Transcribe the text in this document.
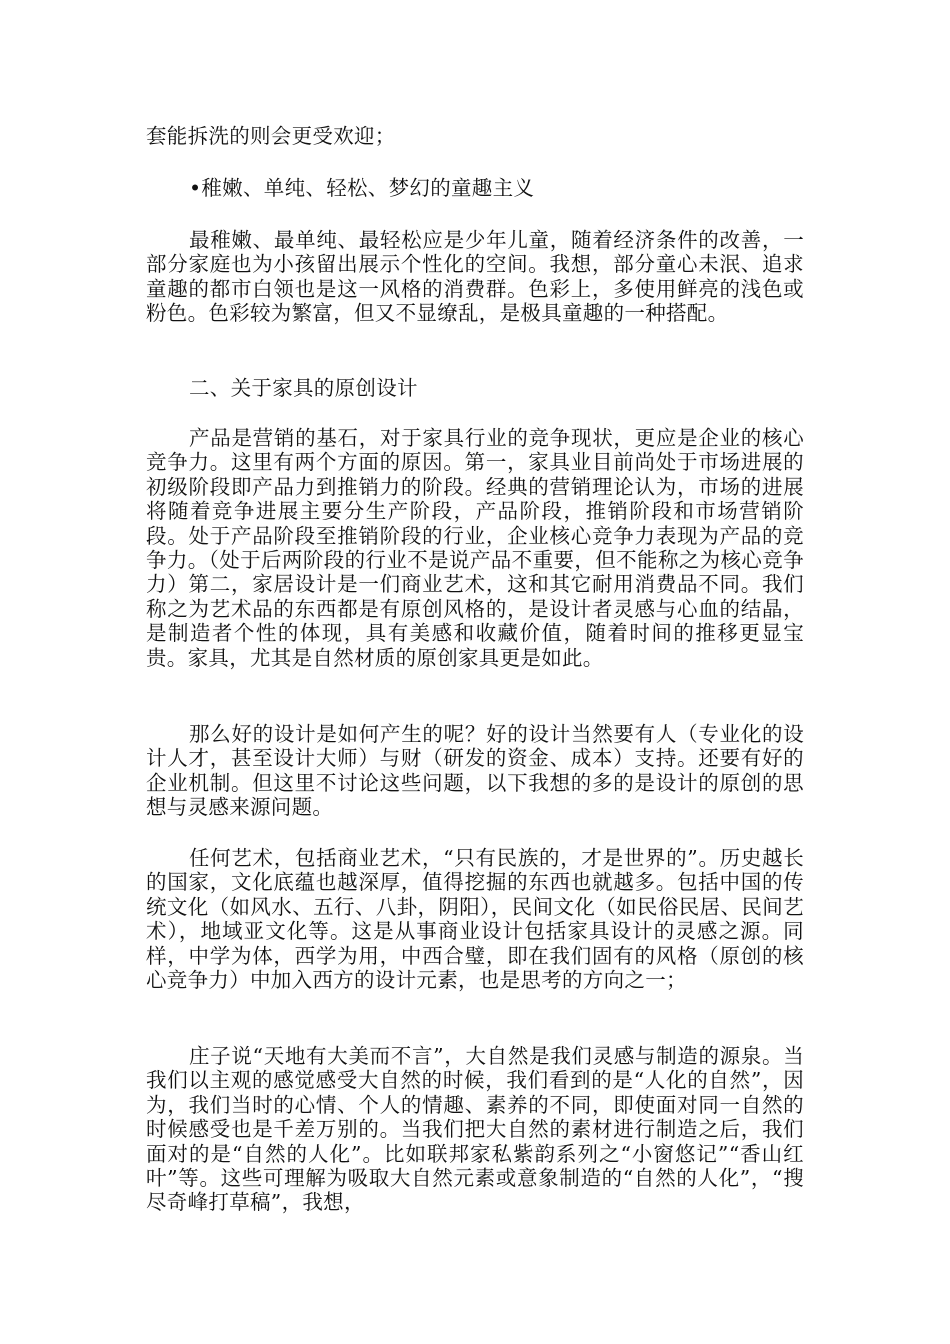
套能拆洗的则会更受欢迎；
•稚嫩、单纯、轻松、梦幻的童趣主义
最稚嫩、最单纯、最轻松应是少年儿童，随着经济条件的改善，一部分家庭也为小孩留出展示个性化的空间。我想，部分童心未泯、追求童趣的都市白领也是这一风格的消费群。色彩上，多使用鲜亮的浅色或粉色。色彩较为繁富，但又不显缭乱，是极具童趣的一种搭配。
二、关于家具的原创设计
产品是营销的基石，对于家具行业的竞争现状，更应是企业的核心竞争力。这里有两个方面的原因。第一，家具业目前尚处于市场进展的初级阶段即产品力到推销力的阶段。经典的营销理论认为，市场的进展将随着竞争进展主要分生产阶段，产品阶段，推销阶段和市场营销阶段。处于产品阶段至推销阶段的行业，企业核心竞争力表现为产品的竞争力。（处于后两阶段的行业不是说产品不重要，但不能称之为核心竞争力）第二，家居设计是一们商业艺术，这和其它耐用消费品不同。我们称之为艺术品的东西都是有原创风格的，是设计者灵感与心血的结晶，是制造者个性的体现，具有美感和收藏价值，随着时间的推移更显宝贵。家具，尤其是自然材质的原创家具更是如此。
那么好的设计是如何产生的呢？好的设计当然要有人（专业化的设计人才，甚至设计大师）与财（研发的资金、成本）支持。还要有好的企业机制。但这里不讨论这些问题，以下我想的多的是设计的原创的思想与灵感来源问题。
任何艺术，包括商业艺术，“只有民族的，才是世界的”。历史越长的国家，文化底蕴也越深厚，值得挖掘的东西也就越多。包括中国的传统文化（如风水、五行、八卦，阴阳），民间文化（如民俗民居、民间艺术），地域亚文化等。这是从事商业设计包括家具设计的灵感之源。同样，中学为体，西学为用，中西合璧，即在我们固有的风格（原创的核心竞争力）中加入西方的设计元素，也是思考的方向之一；
庄子说“天地有大美而不言”，大自然是我们灵感与制造的源泉。当我们以主观的感觉感受大自然的时候，我们看到的是“人化的自然”，因为，我们当时的心情、个人的情趣、素养的不同，即使面对同一自然的时候感受也是千差万别的。当我们把大自然的素材进行制造之后，我们面对的是“自然的人化”。比如联邦家私紫韵系列之“小窗悠记”“香山红叶”等。这些可理解为吸取大自然元素或意象制造的“自然的人化”，“搜尽奇峰打草稿”，我想，
